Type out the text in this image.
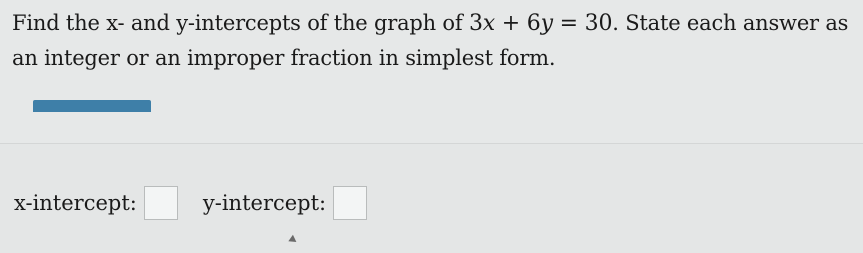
Find the x- and y-intercepts of the graph of 3x + 6y = 30. State each answer as an integer or an improper fraction in simplest form.
x-intercept:	y-intercept:
